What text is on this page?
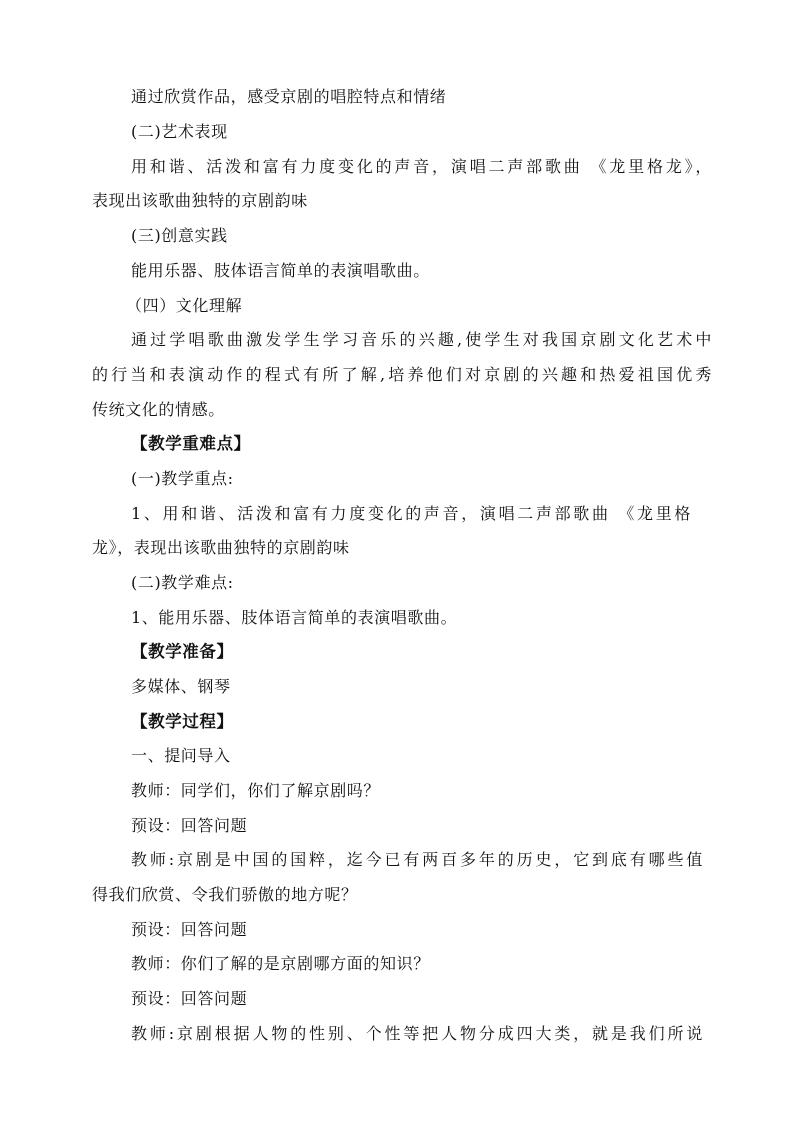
通过欣赏作品，感受京剧的唱腔特点和情绪
(二)艺术表现
用和谐、活泼和富有力度变化的声音，演唱二声部歌曲 《龙里格龙》，
表现出该歌曲独特的京剧韵味
(三)创意实践
能用乐器、肢体语言简单的表演唱歌曲。
（四）文化理解
通过学唱歌曲激发学生学习音乐的兴趣,使学生对我国京剧文化艺术中
的行当和表演动作的程式有所了解,培养他们对京剧的兴趣和热爱祖国优秀
传统文化的情感。
【教学重难点】
(一)教学重点:
1、用和谐、活泼和富有力度变化的声音，演唱二声部歌曲 《龙里格
龙》，表现出该歌曲独特的京剧韵味
(二)教学难点:
1、能用乐器、肢体语言简单的表演唱歌曲。
【教学准备】
多媒体、钢琴
【教学过程】
一、提问导入
教师：同学们，你们了解京剧吗？
预设：回答问题
教师:京剧是中国的国粹，迄今已有两百多年的历史，它到底有哪些值
得我们欣赏、令我们骄傲的地方呢？
预设：回答问题
教师：你们了解的是京剧哪方面的知识？
预设：回答问题
教师:京剧根据人物的性别、个性等把人物分成四大类，就是我们所说
